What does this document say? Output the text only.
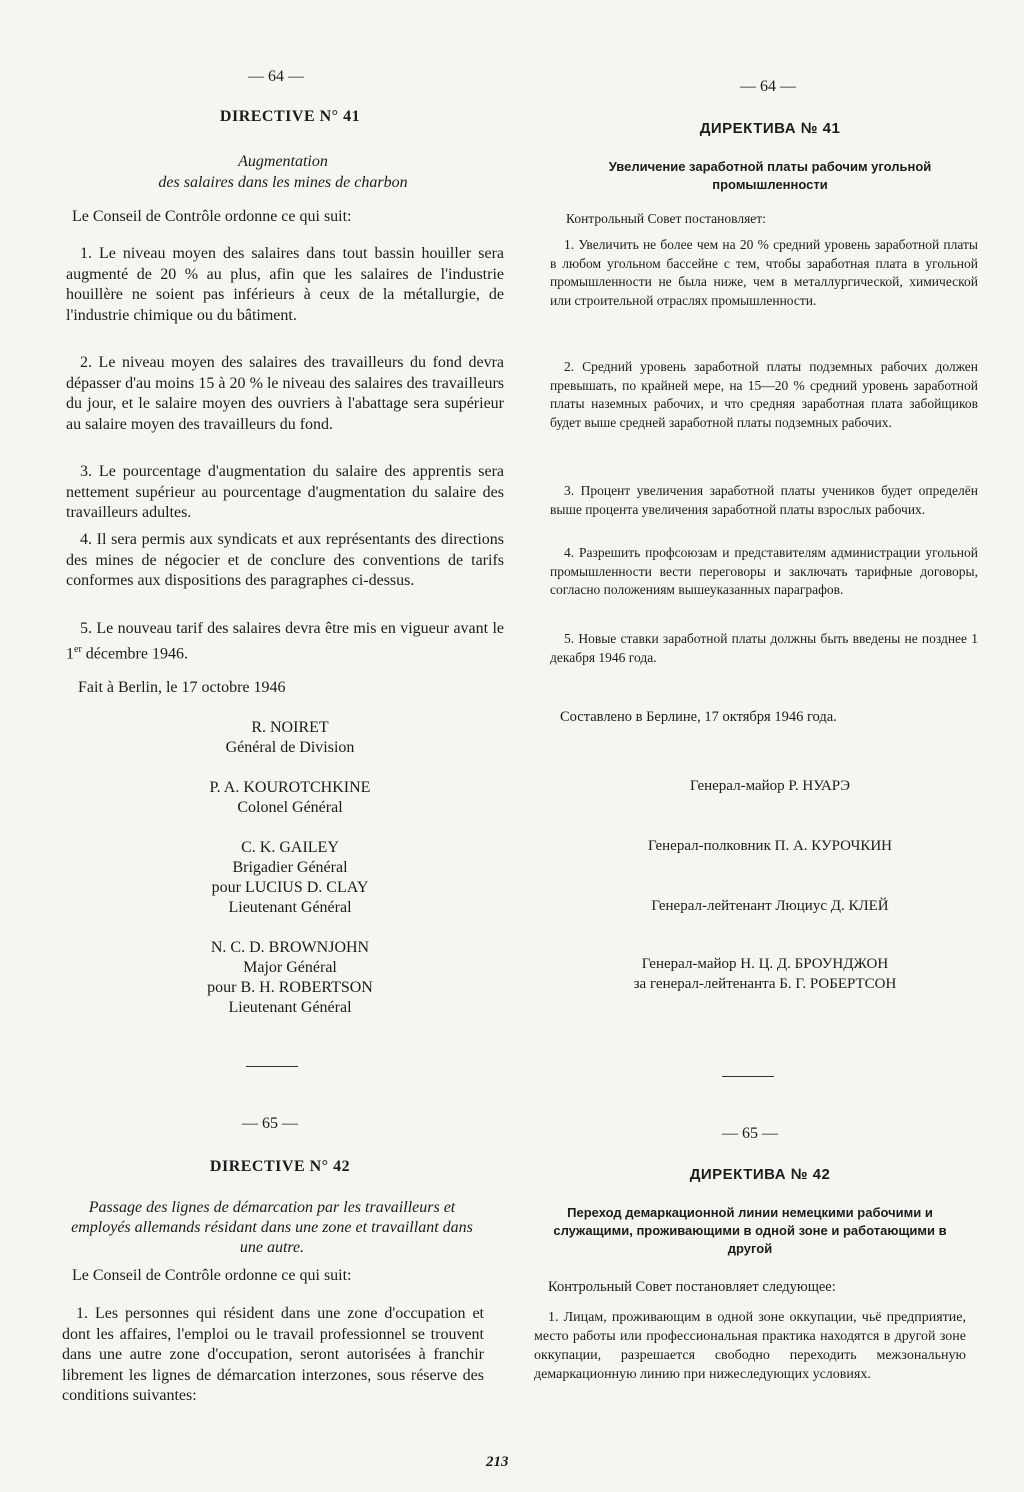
— 64 —
DIRECTIVE N° 41
Augmentation
des salaires dans les mines de charbon
Le Conseil de Contrôle ordonne ce qui suit:
1. Le niveau moyen des salaires dans tout bassin houiller sera augmenté de 20 % au plus, afin que les salaires de l'industrie houillère ne soient pas inférieurs à ceux de la métallurgie, de l'industrie chimique ou du bâtiment.
2. Le niveau moyen des salaires des travailleurs du fond devra dépasser d'au moins 15 à 20 % le niveau des salaires des travailleurs du jour, et le salaire moyen des ouvriers à l'abattage sera supérieur au salaire moyen des travailleurs du fond.
3. Le pourcentage d'augmentation du salaire des apprentis sera nettement supérieur au pourcentage d'augmentation du salaire des travailleurs adultes.
4. Il sera permis aux syndicats et aux représentants des directions des mines de négocier et de conclure des conventions de tarifs conformes aux dispositions des paragraphes ci-dessus.
5. Le nouveau tarif des salaires devra être mis en vigueur avant le 1er décembre 1946.
Fait à Berlin, le 17 octobre 1946
R. NOIRET
Général de Division
P. A. KOUROTCHKINE
Colonel Général
C. K. GAILEY
Brigadier Général
pour LUCIUS D. CLAY
Lieutenant Général
N. C. D. BROWNJOHN
Major Général
pour B. H. ROBERTSON
Lieutenant Général
— 65 —
DIRECTIVE N° 42
Passage des lignes de démarcation par les travailleurs et employés allemands résidant dans une zone et travaillant dans une autre.
Le Conseil de Contrôle ordonne ce qui suit:
1. Les personnes qui résident dans une zone d'occupation et dont les affaires, l'emploi ou le travail professionnel se trouvent dans une autre zone d'occupation, seront autorisées à franchir librement les lignes de démarcation interzones, sous réserve des conditions suivantes:
— 64 —
ДИРЕКТИВА № 41
Увеличение заработной платы рабочим угольной промышленности
Контрольный Совет постановляет:
1. Увеличить не более чем на 20 % средний уровень заработной платы в любом угольном бассейне с тем, чтобы заработная плата в угольной промышленности не была ниже, чем в металлургической, химической или строительной отраслях промышленности.
2. Средний уровень заработной платы подземных рабочих должен превышать, по крайней мере, на 15—20 % средний уровень заработной платы наземных рабочих, и что средняя заработная плата забойщиков будет выше средней заработной платы подземных рабочих.
3. Процент увеличения заработной платы учеников будет определён выше процента увеличения заработной платы взрослых рабочих.
4. Разрешить профсоюзам и представителям администрации угольной промышленности вести переговоры и заключать тарифные договоры, согласно положениям вышеуказанных параграфов.
5. Новые ставки заработной платы должны быть введены не позднее 1 декабря 1946 года.
Составлено в Берлине, 17 октября 1946 года.
Генерал-майор Р. НУАРЭ
Генерал-полковник П. А. КУРОЧКИН
Генерал-лейтенант Люциус Д. КЛЕЙ
Генерал-майор Н. Ц. Д. БРОУНДЖОН
за генерал-лейтенанта Б. Г. РОБЕРТСОН
— 65 —
ДИРЕКТИВА № 42
Переход демаркационной линии немецкими рабочими и служащими, проживающими в одной зоне и работающими в другой
Контрольный Совет постановляет следующее:
1. Лицам, проживающим в одной зоне оккупации, чьё предприятие, место работы или профессиональная практика находятся в другой зоне оккупации, разрешается свободно переходить межзональную демаркационную линию при нижеследующих условиях.
213
